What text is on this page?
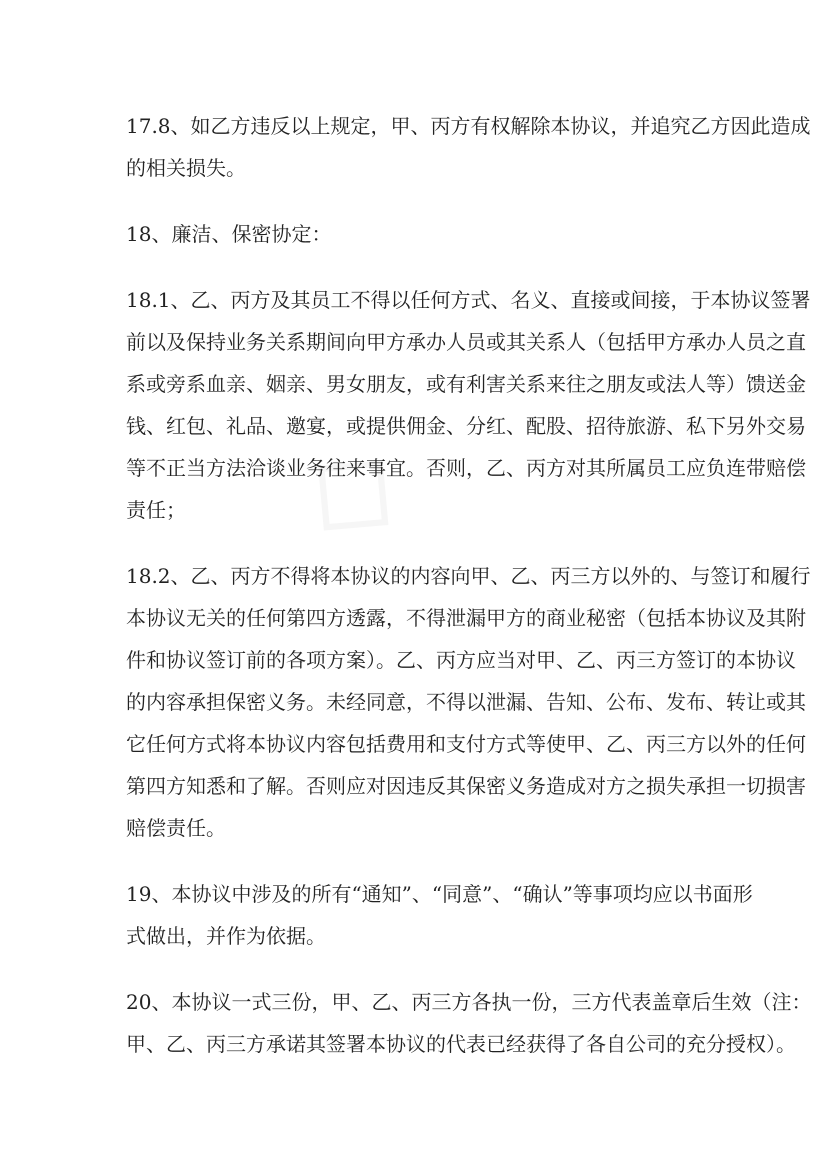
17.8、如乙方违反以上规定，甲、丙方有权解除本协议，并追究乙方因此造成
的相关损失。
18、廉洁、保密协定：
18.1、乙、丙方及其员工不得以任何方式、名义、直接或间接，于本协议签署
前以及保持业务关系期间向甲方承办人员或其关系人（包括甲方承办人员之直
系或旁系血亲、姻亲、男女朋友，或有利害关系来往之朋友或法人等）馈送金
钱、红包、礼品、邀宴，或提供佣金、分红、配股、招待旅游、私下另外交易
等不正当方法洽谈业务往来事宜。否则，乙、丙方对其所属员工应负连带赔偿
责任；
18.2、乙、丙方不得将本协议的内容向甲、乙、丙三方以外的、与签订和履行
本协议无关的任何第四方透露，不得泄漏甲方的商业秘密（包括本协议及其附
件和协议签订前的各项方案）。乙、丙方应当对甲、乙、丙三方签订的本协议
的内容承担保密义务。未经同意，不得以泄漏、告知、公布、发布、转让或其
它任何方式将本协议内容包括费用和支付方式等使甲、乙、丙三方以外的任何
第四方知悉和了解。否则应对因违反其保密义务造成对方之损失承担一切损害
赔偿责任。
19、本协议中涉及的所有“通知”、“同意”、“确认”等事项均应以书面形
式做出，并作为依据。
20、本协议一式三份，甲、乙、丙三方各执一份，三方代表盖章后生效（注：
甲、乙、丙三方承诺其签署本协议的代表已经获得了各自公司的充分授权）。
